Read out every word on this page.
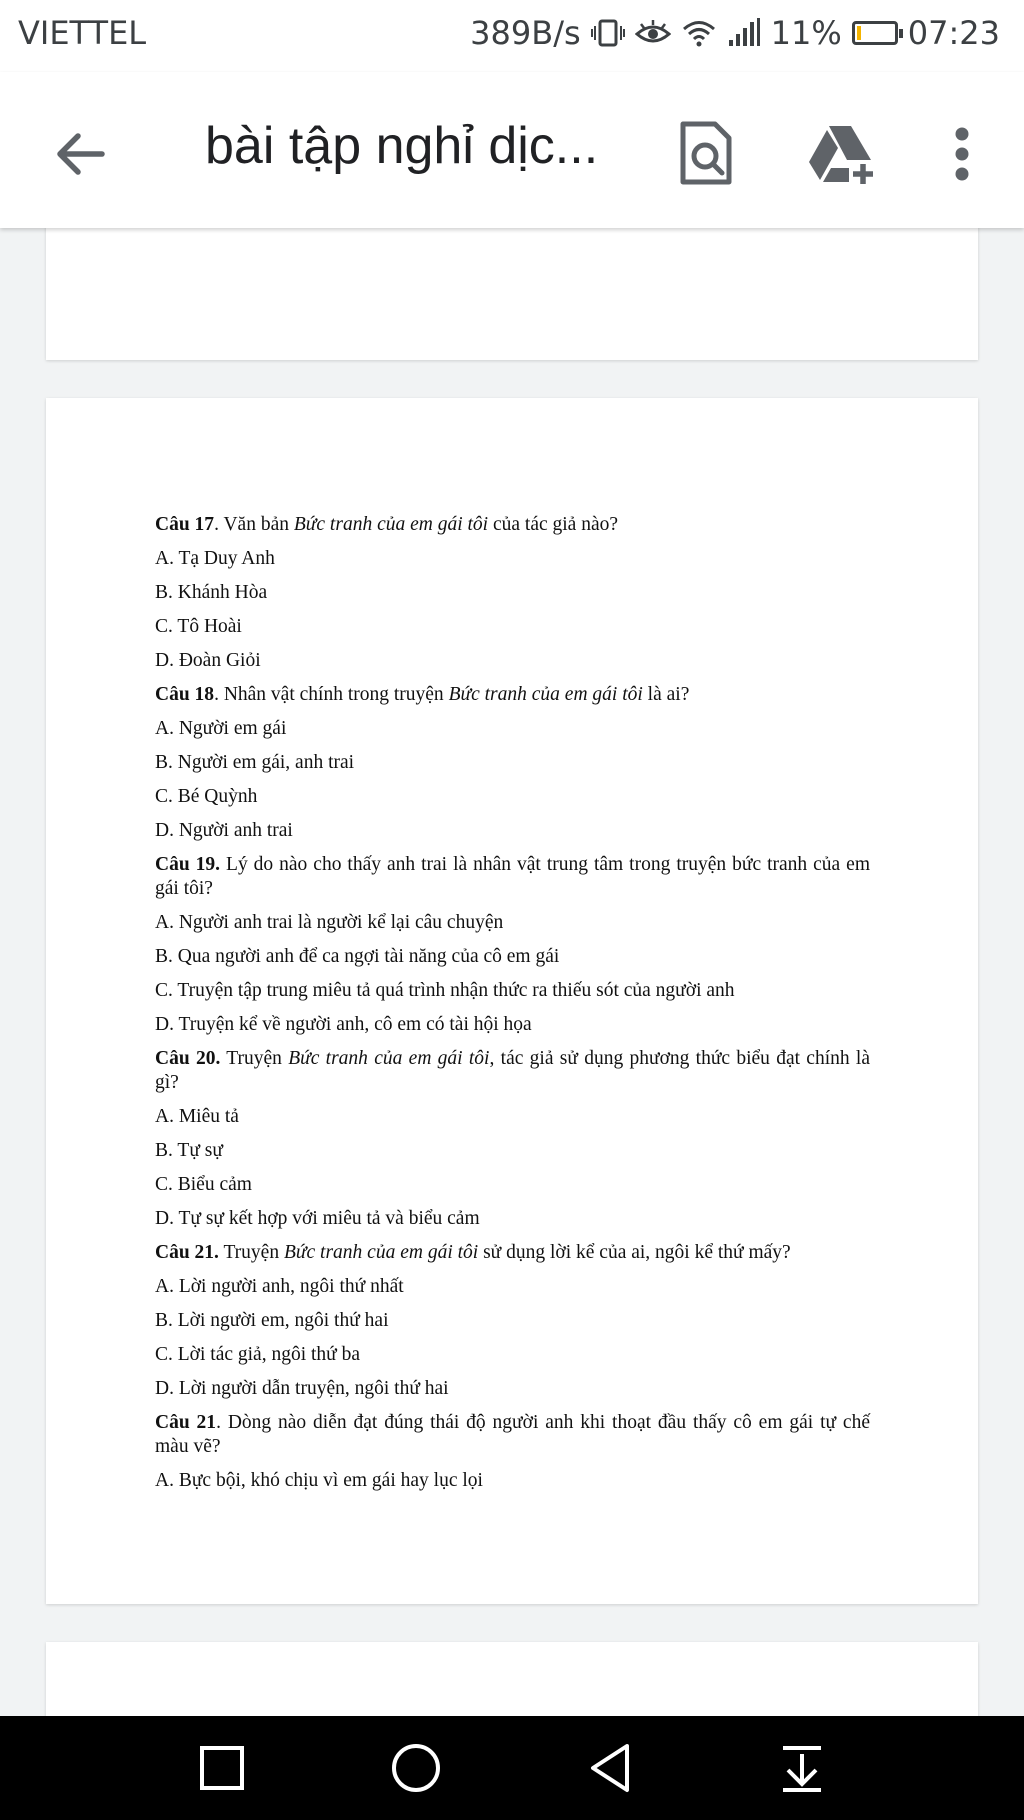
VIETTEL	389B/s	11% 07:23
bài tập nghỉ dịc...
Câu 17. Văn bản Bức tranh của em gái tôi của tác giả nào?
A. Tạ Duy Anh
B. Khánh Hòa
C. Tô Hoài
D. Đoàn Giỏi
Câu 18. Nhân vật chính trong truyện Bức tranh của em gái tôi là ai?
A. Người em gái
B. Người em gái, anh trai
C. Bé Quỳnh
D. Người anh trai
Câu 19. Lý do nào cho thấy anh trai là nhân vật trung tâm trong truyện bức tranh của em gái tôi?
A. Người anh trai là người kể lại câu chuyện
B. Qua người anh để ca ngợi tài năng của cô em gái
C. Truyện tập trung miêu tả quá trình nhận thức ra thiếu sót của người anh
D. Truyện kể về người anh, cô em có tài hội họa
Câu 20. Truyện Bức tranh của em gái tôi, tác giả sử dụng phương thức biểu đạt chính là gì?
A. Miêu tả
B. Tự sự
C. Biểu cảm
D. Tự sự kết hợp với miêu tả và biểu cảm
Câu 21. Truyện Bức tranh của em gái tôi sử dụng lời kể của ai, ngôi kể thứ mấy?
A. Lời người anh, ngôi thứ nhất
B. Lời người em, ngôi thứ hai
C. Lời tác giả, ngôi thứ ba
D. Lời người dẫn truyện, ngôi thứ hai
Câu 21. Dòng nào diễn đạt đúng thái độ người anh khi thoạt đầu thấy cô em gái tự chế màu vẽ?
A. Bực bội, khó chịu vì em gái hay lục lọi
